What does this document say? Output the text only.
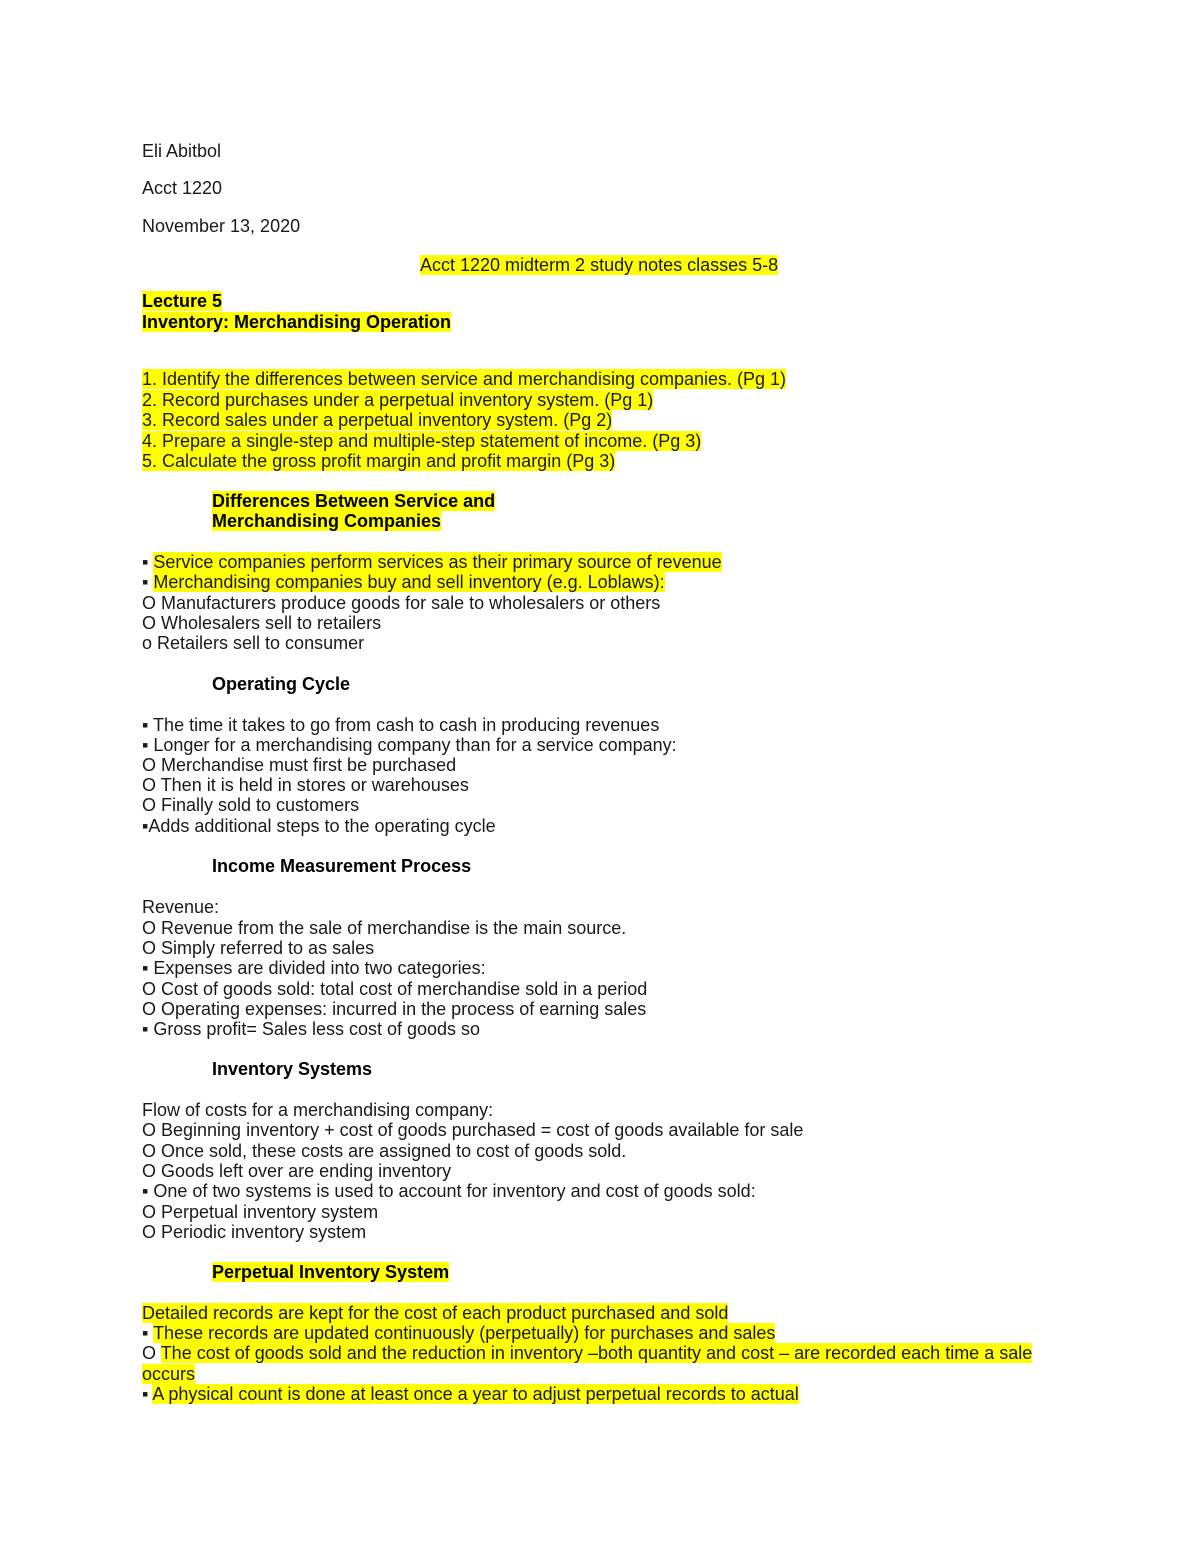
Eli Abitbol
Acct 1220
November 13, 2020
Acct 1220 midterm 2 study notes classes 5-8
Lecture 5
Inventory: Merchandising Operation
1. Identify the differences between service and merchandising companies. (Pg 1)
2. Record purchases under a perpetual inventory system. (Pg 1)
3. Record sales under a perpetual inventory system. (Pg 2)
4. Prepare a single-step and multiple-step statement of income. (Pg 3)
5. Calculate the gross profit margin and profit margin (Pg 3)
Differences Between Service and
Merchandising Companies
▪ Service companies perform services as their primary source of revenue
▪ Merchandising companies buy and sell inventory (e.g. Loblaws):
O Manufacturers produce goods for sale to wholesalers or others
O Wholesalers sell to retailers
o Retailers sell to consumer
Operating Cycle
▪ The time it takes to go from cash to cash in producing revenues
▪ Longer for a merchandising company than for a service company:
O Merchandise must first be purchased
O Then it is held in stores or warehouses
O Finally sold to customers
▪Adds additional steps to the operating cycle
Income Measurement Process
Revenue:
O Revenue from the sale of merchandise is the main source.
O Simply referred to as sales
▪ Expenses are divided into two categories:
O Cost of goods sold: total cost of merchandise sold in a period
O Operating expenses: incurred in the process of earning sales
▪ Gross profit= Sales less cost of goods so
Inventory Systems
Flow of costs for a merchandising company:
O Beginning inventory + cost of goods purchased = cost of goods available for sale
O Once sold, these costs are assigned to cost of goods sold.
O Goods left over are ending inventory
▪ One of two systems is used to account for inventory and cost of goods sold:
O Perpetual inventory system
O Periodic inventory system
Perpetual Inventory System
Detailed records are kept for the cost of each product purchased and sold
▪ These records are updated continuously (perpetually) for purchases and sales
O The cost of goods sold and the reduction in inventory –both quantity and cost – are recorded each time a sale
occurs
▪ A physical count is done at least once a year to adjust perpetual records to actual
